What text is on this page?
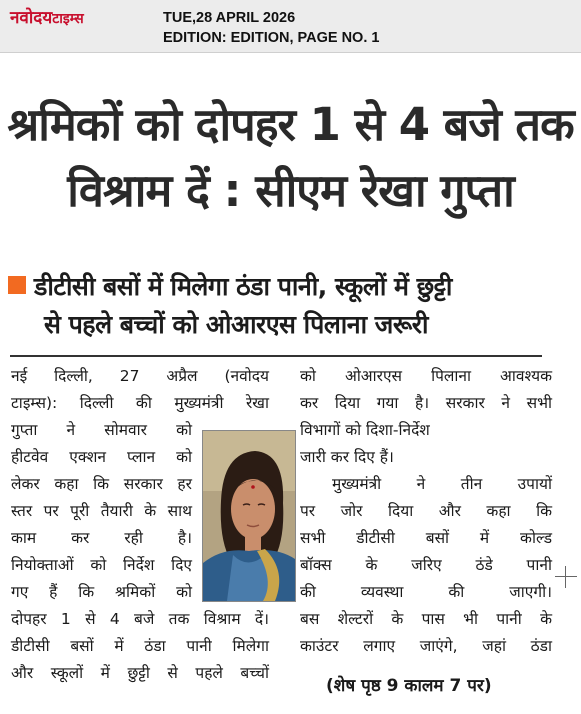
नवोदयटाइम्स	TUE,28 APRIL 2026
EDITION: EDITION, PAGE NO. 1
श्रमिकों को दोपहर 1 से 4 बजे तक
विश्राम दें : सीएम रेखा गुप्ता
डीटीसी बसों में मिलेगा ठंडा पानी, स्कूलों में छुट्टी
से पहले बच्चों को ओआरएस पिलाना जरूरी
नई दिल्ली, 27 अप्रैल (नवोदय
टाइम्स): दिल्ली की मुख्यमंत्री रेखा
गुप्ता ने सोमवार को
हीटवेव एक्शन प्लान को
लेकर कहा कि सरकार हर
स्तर पर पूरी तैयारी के साथ
काम कर रही है।
नियोक्ताओं को निर्देश दिए
गए हैं कि श्रमिकों को
दोपहर 1 से 4 बजे तक विश्राम दें।
डीटीसी बसों में ठंडा पानी मिलेगा
और स्कूलों में छुट्टी से पहले बच्चों
को ओआरएस पिलाना आवश्यक
कर दिया गया है। सरकार ने सभी
विभागों को दिशा-निर्देश
जारी कर दिए हैं।
मुख्यमंत्री ने तीन उपायों
पर जोर दिया और कहा कि
सभी डीटीसी बसों में कोल्ड
बॉक्स के जरिए ठंडे पानी
की व्यवस्था की जाएगी।
बस शेल्टरों के पास भी पानी के
काउंटर लगाए जाएंगे, जहां ठंडा
(शेष पृष्ठ 9 कालम 7 पर)
